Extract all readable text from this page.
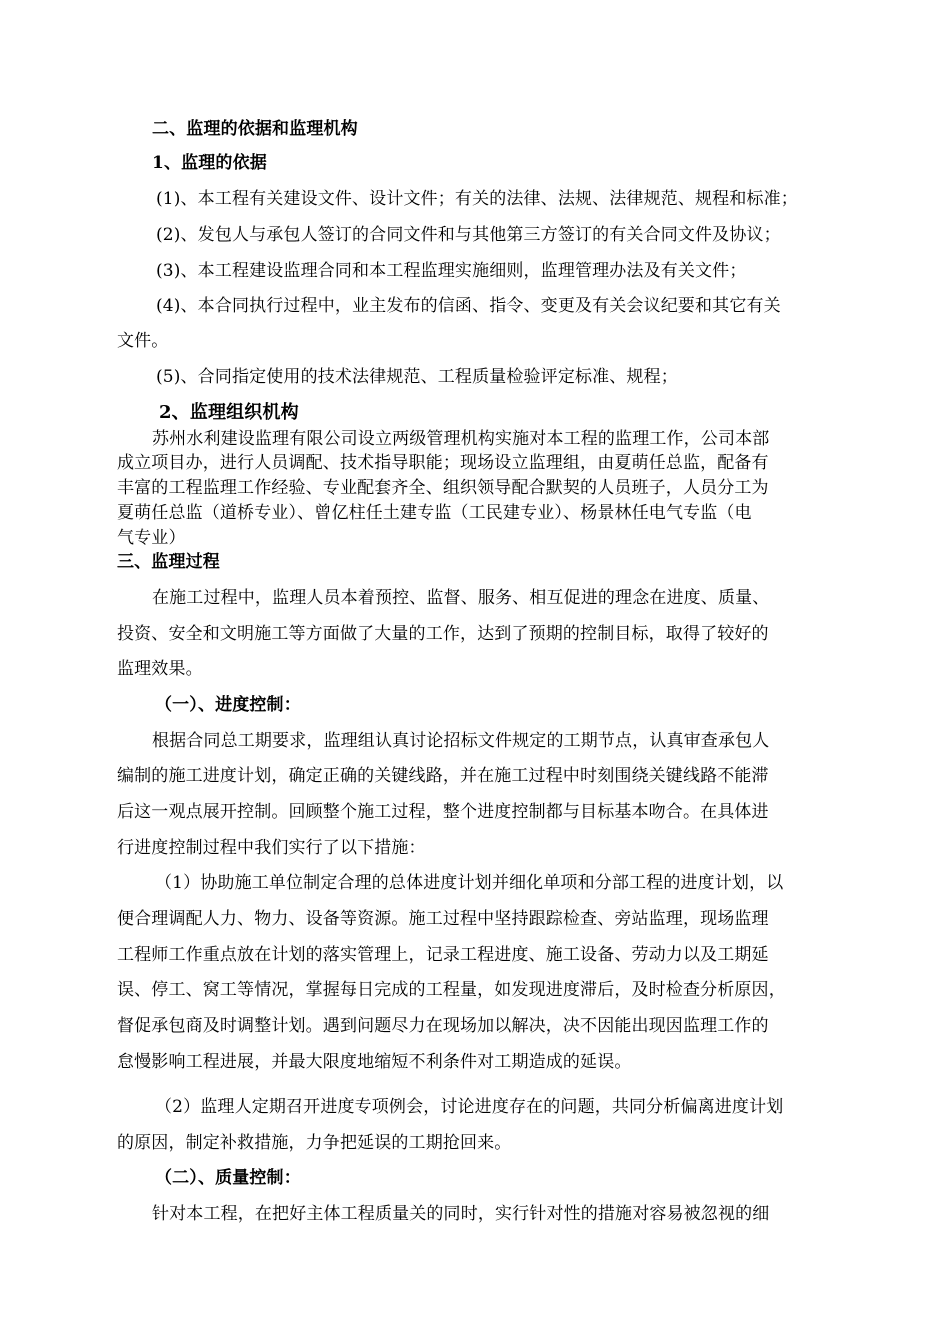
二、监理的依据和监理机构
1、监理的依据
(1)、本工程有关建设文件、设计文件；有关的法律、法规、法律规范、规程和标准；
(2)、发包人与承包人签订的合同文件和与其他第三方签订的有关合同文件及协议；
(3)、本工程建设监理合同和本工程监理实施细则，监理管理办法及有关文件；
(4)、本合同执行过程中，业主发布的信函、指令、变更及有关会议纪要和其它有关
文件。
(5)、合同指定使用的技术法律规范、工程质量检验评定标准、规程；
2、监理组织机构
苏州水利建设监理有限公司设立两级管理机构实施对本工程的监理工作，公司本部
成立项目办，进行人员调配、技术指导职能；现场设立监理组，由夏萌任总监，配备有
丰富的工程监理工作经验、专业配套齐全、组织领导配合默契的人员班子，人员分工为
夏萌任总监（道桥专业）、曾亿柱任土建专监（工民建专业）、杨景林任电气专监（电
气专业）
三、监理过程
在施工过程中，监理人员本着预控、监督、服务、相互促进的理念在进度、质量、
投资、安全和文明施工等方面做了大量的工作，达到了预期的控制目标，取得了较好的
监理效果。
（一）、进度控制：
根据合同总工期要求，监理组认真讨论招标文件规定的工期节点，认真审查承包人
编制的施工进度计划，确定正确的关键线路，并在施工过程中时刻围绕关键线路不能滞
后这一观点展开控制。回顾整个施工过程，整个进度控制都与目标基本吻合。在具体进
行进度控制过程中我们实行了以下措施：
（1）协助施工单位制定合理的总体进度计划并细化单项和分部工程的进度计划，以
便合理调配人力、物力、设备等资源。施工过程中坚持跟踪检查、旁站监理，现场监理
工程师工作重点放在计划的落实管理上，记录工程进度、施工设备、劳动力以及工期延
误、停工、窝工等情况，掌握每日完成的工程量，如发现进度滞后，及时检查分析原因，
督促承包商及时调整计划。遇到问题尽力在现场加以解决，决不因能出现因监理工作的
怠慢影响工程进展，并最大限度地缩短不利条件对工期造成的延误。
（2）监理人定期召开进度专项例会，讨论进度存在的问题，共同分析偏离进度计划
的原因，制定补救措施，力争把延误的工期抢回来。
（二）、质量控制：
针对本工程，在把好主体工程质量关的同时，实行针对性的措施对容易被忽视的细
